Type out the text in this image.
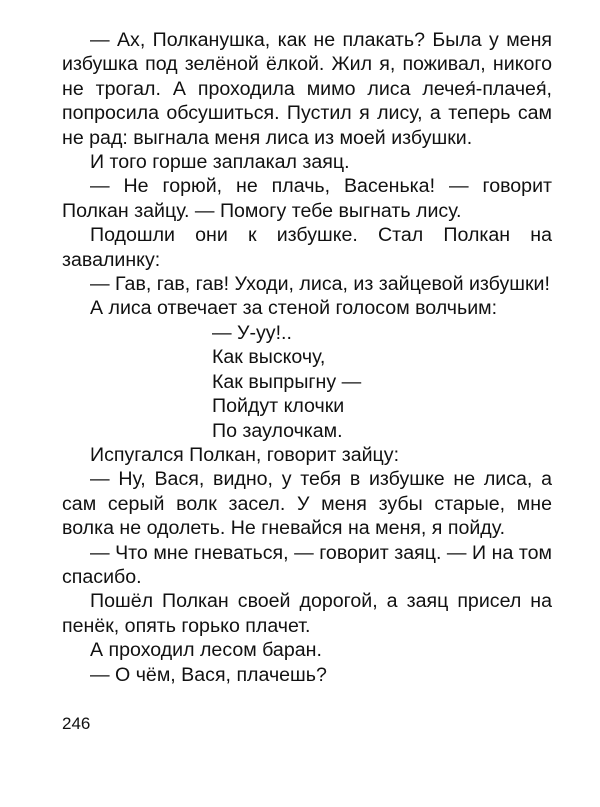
— Ах, Полканушка, как не плакать? Была у меня избушка под зелёной ёлкой. Жил я, поживал, никого не трогал. А проходила мимо лиса лечея́-плачея́, попросила обсушиться. Пустил я лису, а теперь сам не рад: выгнала меня лиса из моей избушки.

И того горше заплакал заяц.

— Не горюй, не плачь, Васенька! — говорит Полкан зайцу. — Помогу тебе выгнать лису.

Подошли они к избушке. Стал Полкан на завалинку:

— Гав, гав, гав! Уходи, лиса, из зайцевой избушки!

А лиса отвечает за стеной голосом волчьим:

— У-уу!..
Как выскочу,
Как выпрыгну —
Пойдут клочки
По заулочкам.

Испугался Полкан, говорит зайцу:

— Ну, Вася, видно, у тебя в избушке не лиса, а сам серый волк засел. У меня зубы старые, мне волка не одолеть. Не гневайся на меня, я пойду.

— Что мне гневаться, — говорит заяц. — И на том спасибо.

Пошёл Полкан своей дорогой, а заяц присел на пенёк, опять горько плачет.

А проходил лесом баран.

— О чём, Вася, плачешь?

246
